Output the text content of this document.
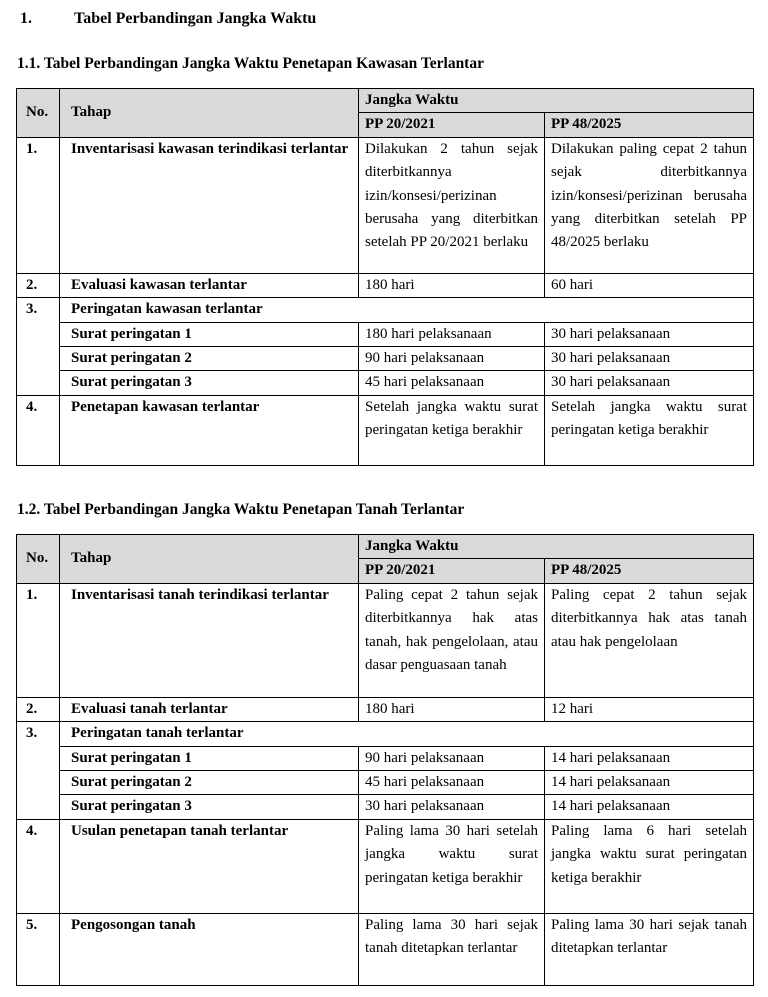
1.	Tabel Perbandingan Jangka Waktu
1.1. Tabel Perbandingan Jangka Waktu Penetapan Kawasan Terlantar
No.	Tahap	Jangka Waktu	
		PP 20/2021	PP 48/2025
1.	Inventarisasi kawasan terindikasi terlantar	Dilakukan 2 tahun sejak diterbitkannya izin/konsesi/perizinan berusaha yang diterbitkan setelah PP 20/2021 berlaku	Dilakukan paling cepat 2 tahun sejak diterbitkannya izin/konsesi/perizinan berusaha yang diterbitkan setelah PP 48/2025 berlaku
2.	Evaluasi kawasan terlantar	180 hari	60 hari
3.	Peringatan kawasan terlantar		
	Surat peringatan 1	180 hari pelaksanaan	30 hari pelaksanaan
	Surat peringatan 2	90 hari pelaksanaan	30 hari pelaksanaan
	Surat peringatan 3	45 hari pelaksanaan	30 hari pelaksanaan
4.	Penetapan kawasan terlantar	Setelah jangka waktu surat peringatan ketiga berakhir	Setelah jangka waktu surat peringatan ketiga berakhir
1.2. Tabel Perbandingan Jangka Waktu Penetapan Tanah Terlantar
No.	Tahap	Jangka Waktu	
		PP 20/2021	PP 48/2025
1.	Inventarisasi tanah terindikasi terlantar	Paling cepat 2 tahun sejak diterbitkannya hak atas tanah, hak pengelolaan, atau dasar penguasaan tanah	Paling cepat 2 tahun sejak diterbitkannya hak atas tanah atau hak pengelolaan
2.	Evaluasi tanah terlantar	180 hari	12 hari
3.	Peringatan tanah terlantar		
	Surat peringatan 1	90 hari pelaksanaan	14 hari pelaksanaan
	Surat peringatan 2	45 hari pelaksanaan	14 hari pelaksanaan
	Surat peringatan 3	30 hari pelaksanaan	14 hari pelaksanaan
4.	Usulan penetapan tanah terlantar	Paling lama 30 hari setelah jangka waktu surat peringatan ketiga berakhir	Paling lama 6 hari setelah jangka waktu surat peringatan ketiga berakhir
5.	Pengosongan tanah	Paling lama 30 hari sejak tanah ditetapkan terlantar	Paling lama 30 hari sejak tanah ditetapkan terlantar
